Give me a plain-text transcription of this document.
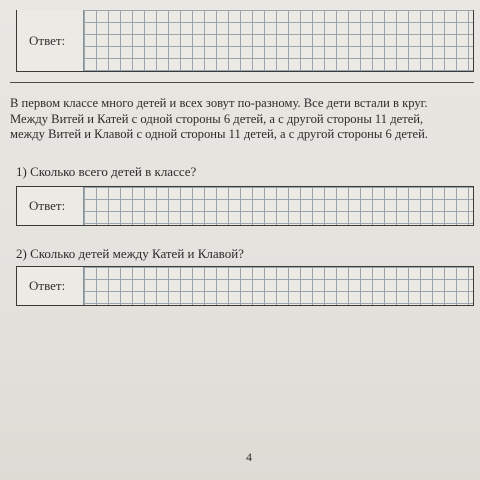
Ответ:
В первом классе много детей и всех зовут по-разному. Все дети встали в круг.
Между Витей и Катей с одной стороны 6 детей, а с другой стороны 11 детей,
между Витей и Клавой с одной стороны 11 детей, а с другой стороны 6 детей.
1) Сколько всего детей в классе?
Ответ:
2) Сколько детей между Катей и Клавой?
Ответ:
4
